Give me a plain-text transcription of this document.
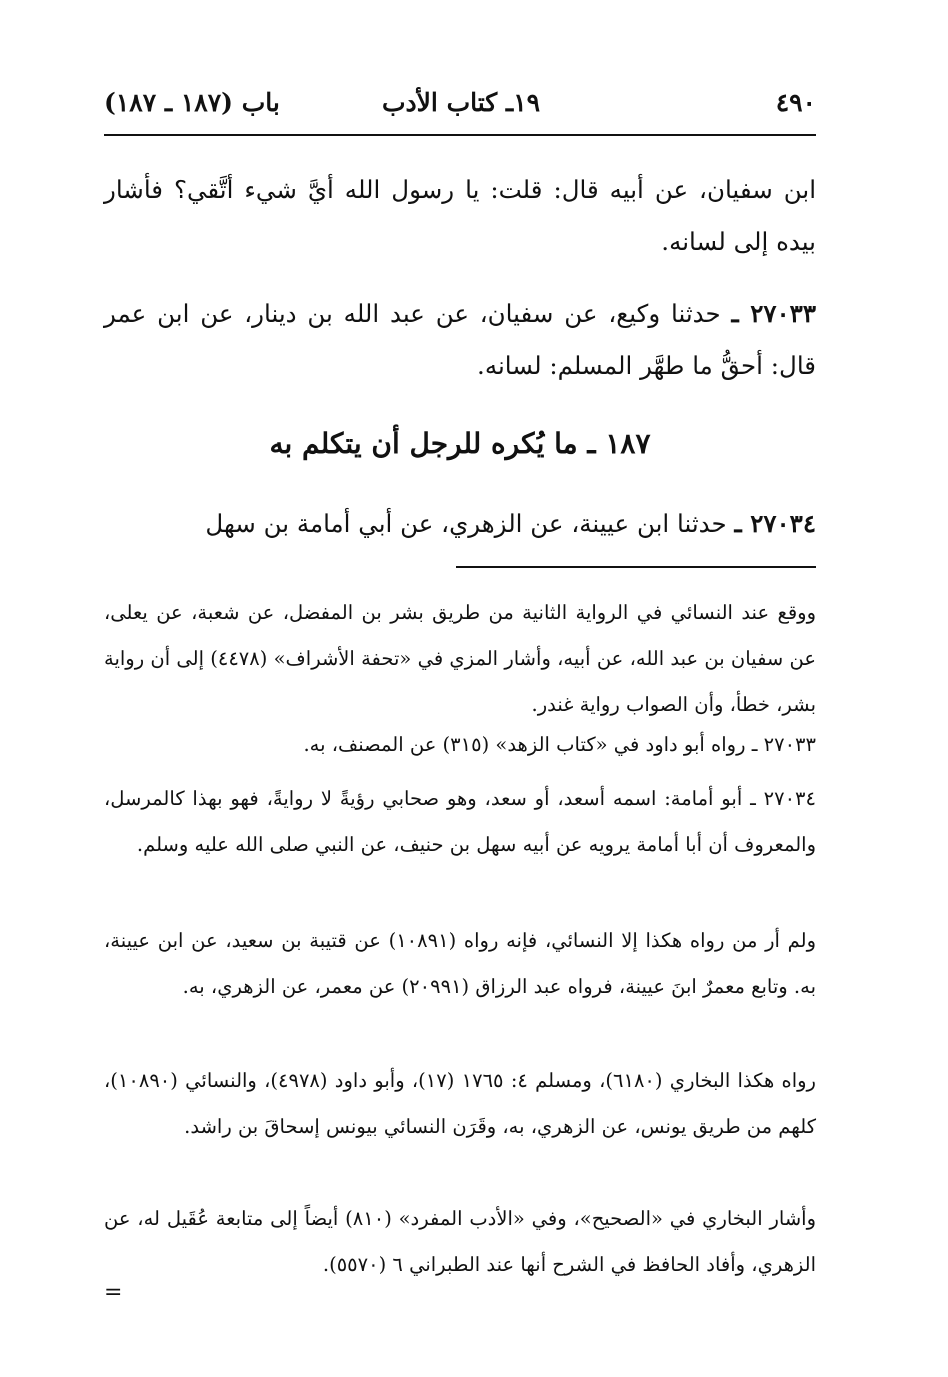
٤٩٠
١٩ـ كتاب الأدب
باب (١٨٧ ـ ١٨٧)
ابن سفيان، عن أبيه قال: قلت: يا رسول الله أيَّ شيء أتَّقي؟ فأشار بيده إلى لسانه.
٢٧٠٣٣ ـ حدثنا وكيع، عن سفيان، عن عبد الله بن دينار، عن ابن عمر قال: أحقُّ ما طهَّر المسلم: لسانه.
١٨٧ ـ ما يُكره للرجل أن يتكلم به
٢٧٠٣٤ ـ حدثنا ابن عيينة، عن الزهري، عن أبي أمامة بن سهل
ووقع عند النسائي في الرواية الثانية من طريق بشر بن المفضل، عن شعبة، عن يعلى، عن سفيان بن عبد الله، عن أبيه، وأشار المزي في «تحفة الأشراف» (٤٤٧٨) إلى أن رواية بشر، خطأ، وأن الصواب رواية غندر.
٢٧٠٣٣ ـ رواه أبو داود في «كتاب الزهد» (٣١٥) عن المصنف، به.
٢٧٠٣٤ ـ أبو أمامة: اسمه أسعد، أو سعد، وهو صحابي رؤيةً لا روايةً، فهو بهذا كالمرسل، والمعروف أن أبا أمامة يرويه عن أبيه سهل بن حنيف، عن النبي صلى الله عليه وسلم.
ولم أر من رواه هكذا إلا النسائي، فإنه رواه (١٠٨٩١) عن قتيبة بن سعيد، عن ابن عيينة، به. وتابع معمرٌ ابنَ عيينة، فرواه عبد الرزاق (٢٠٩٩١) عن معمر، عن الزهري، به.
رواه هكذا البخاري (٦١٨٠)، ومسلم ٤: ١٧٦٥ (١٧)، وأبو داود (٤٩٧٨)، والنسائي (١٠٨٩٠)، كلهم من طريق يونس، عن الزهري، به، وقَرَن النسائي بيونس إسحاقَ بن راشد.
وأشار البخاري في «الصحيح»، وفي «الأدب المفرد» (٨١٠) أيضاً إلى متابعة عُقَيل له، عن الزهري، وأفاد الحافظ في الشرح أنها عند الطبراني ٦ (٥٥٧٠).
=
